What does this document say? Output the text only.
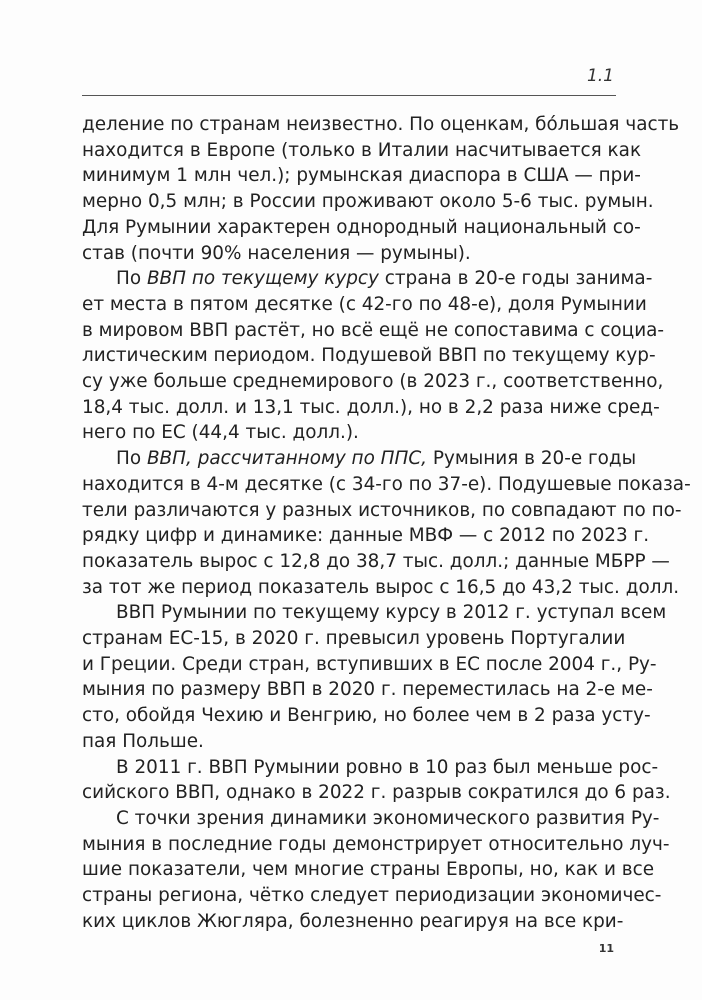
1.1
деление по странам неизвестно. По оценкам, бо́льшая часть
находится в Европе (только в Италии насчитывается как
минимум 1 млн чел.); румынская диаспора в США — при-
мерно 0,5 млн; в России проживают около 5-6 тыс. румын.
Для Румынии характерен однородный национальный со-
став (почти 90% населения — румыны).
По ВВП по текущему курсу страна в 20-е годы занима-
ет места в пятом десятке (с 42-го по 48-е), доля Румынии
в мировом ВВП растёт, но всё ещё не сопоставима с социа-
листическим периодом. Подушевой ВВП по текущему кур-
су уже больше среднемирового (в 2023 г., соответственно,
18,4 тыс. долл. и 13,1 тыс. долл.), но в 2,2 раза ниже сред-
него по ЕС (44,4 тыс. долл.).
По ВВП, рассчитанному по ППС, Румыния в 20-е годы
находится в 4-м десятке (с 34-го по 37-е). Подушевые показа-
тели различаются у разных источников, по совпадают по по-
рядку цифр и динамике: данные МВФ — с 2012 по 2023 г.
показатель вырос с 12,8 до 38,7 тыс. долл.; данные МБРР —
за тот же период показатель вырос с 16,5 до 43,2 тыс. долл.
ВВП Румынии по текущему курсу в 2012 г. уступал всем
странам ЕС-15, в 2020 г. превысил уровень Португалии
и Греции. Среди стран, вступивших в ЕС после 2004 г., Ру-
мыния по размеру ВВП в 2020 г. переместилась на 2-е ме-
сто, обойдя Чехию и Венгрию, но более чем в 2 раза усту-
пая Польше.
В 2011 г. ВВП Румынии ровно в 10 раз был меньше рос-
сийского ВВП, однако в 2022 г. разрыв сократился до 6 раз.
С точки зрения динамики экономического развития Ру-
мыния в последние годы демонстрирует относительно луч-
шие показатели, чем многие страны Европы, но, как и все
страны региона, чётко следует периодизации экономичес-
ких циклов Жюгляра, болезненно реагируя на все кри-
11
